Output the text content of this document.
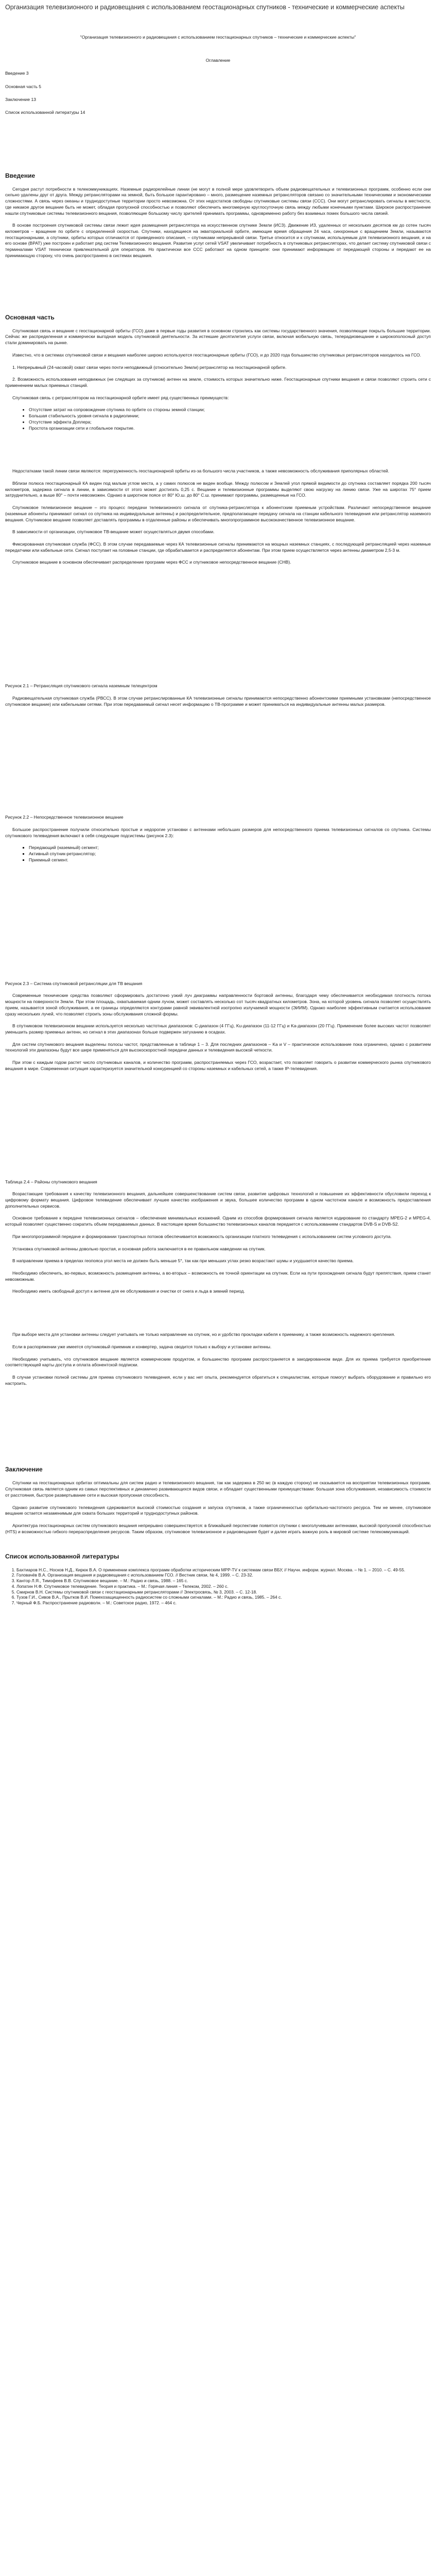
Организация телевизионного и радиовещания с использованием геостационарных спутников - технические и коммерческие аспекты

"Организация телевизионного и радиовещания с использованием геостационарных спутников – технические и коммерческие аспекты"

Оглавление

Введение 3

Основная часть 5

Заключение 13

Список использованной литературы 14

Введение

Сегодня растут потребности в телекоммуникациях. Наземные радиорелейные линии (не могут в полной мере удовлетворить объем радиовещательных и телевизионных программ, особенно если они сильно удалены друг от друга. Между ретрансляторами на земной, быть большое гарантировано – много, размещение наземных ретрансляторов связано со значительными техническими и экономическими сложностями. А связь через океаны и труднодоступные территории просто невозможна. От этих недостатков свободны спутниковые системы связи (ССС). Они могут ретранслировать сигналы в местности, где никакое другое вещание быть не может, обладая пропускной способностью и позволяют обеспечить многомерную круглосуточную связь между любыми конечными пунктами. Широкое распространение нашли спутниковые системы телевизионного вещания, позволяющие большому числу зрителей принимать программы, одновременно работу без взаимных помех большого числа связей.

В основе построения спутниковой системы связи лежит идея размещения ретранслятора на искусственном спутнике Земли (ИСЗ). Движение ИЗ, удаленных от нескольких десятков км до сотен тысяч километров – вращение по орбите с определенной скоростью. Спутники, находящиеся на экваториальной орбите, имеющие время обращения 24 часа, синхронные с вращением Земли, называются геостационарными, а спутники, орбиты которых отличаются от приведенного описания, – спутниками непрерывной связи. Третье относится и к спутникам, используемым для телевизионного вещания, и на его основе (ВРАТ) уже построен и работает ряд систем Телевизионного вещания. Развитие услуг сетей VSAT увеличивает потребность в спутниковых ретрансляторах, что делает систему спутниковой связи с терминалами VSAT технически привлекательной для операторов. Но практически все ССС работают на одном принципе: они принимают информацию от передающей стороны и передают ее на принимающую сторону, что очень распространено в системах вещания.

Основная часть

Спутниковая связь и вещание с геостационарной орбиты (ГСО) даже в первые годы развития в основном строились как системы государственного значения, позволяющие покрыть большие территории. Сейчас же распределенная и коммерчески выгодная модель спутниковой деятельности. За истекшие десятилетия услуги связи, включая мобильную связь, телерадиовещание и широкополосный доступ стали доминировать на рынке.

Известно, что в системах спутниковой связи и вещания наиболее широко используются геостационарные орбиты (ГСО), и до 2020 года большинство спутниковых ретрансляторов находилось на ГСО.

1. Непрерывный (24-часовой) охват связи через почти неподвижный (относительно Земли) ретранслятор на геостационарной орбите.

2. Возможность использования неподвижных (не следящих за спутником) антенн на земле, стоимость которых значительно ниже. Геостационарные спутники вещания и связи позволяют строить сети с применением малых приемных станций.

Спутниковая связь с ретранслятором на геостационарной орбите имеет ряд существенных преимуществ:

• Отсутствие затрат на сопровождение спутника по орбите со стороны земной станции;
• Большая стабильность уровня сигнала в радиолинии;
• Отсутствие эффекта Доплера;
• Простота организации сети и глобальное покрытие.

Недостатками такой линии связи являются: перегруженность геостационарной орбиты из-за большого числа участников, а также невозможность обслуживания приполярных областей.

Вблизи полюса геостационарный КА виден под малым углом места, а у самих полюсов не виден вообще. Между полюсом и Землей угол прямой видимости до спутника составляет порядка 200 тысяч километров, задержка сигнала в линии, в зависимости от этого может достигать 0,25 с. Вещание и телевизионные программы выделяют свою нагрузку на линию связи. Уже на широтах 75° прием затруднительно, а выше 80° – почти невозможен. Однако в широтном поясе от 80° Ю.ш. до 80° С.ш. принимают программы, размещенные на ГСО.

Спутниковое телевизионное вещание – это процесс передачи телевизионного сигнала от спутника-ретранслятора к абонентским приемным устройствам. Различают непосредственное вещание (наземные абоненты принимают сигнал со спутника на индивидуальные антенны) и распределительное, предполагающее передачу сигнала на станции кабельного телевидения или ретранслятор наземного вещания. Спутниковое вещание позволяет доставлять программы в отдаленные районы и обеспечивать многопрограммное высококачественное телевизионное вещание.

В зависимости от организации, спутниковое ТВ-вещание может осуществляться двумя способами.

Фиксированная спутниковая служба (ФСС). В этом случае передаваемые через КА телевизионные сигналы принимаются на мощных наземных станциях, с последующей ретрансляцией через наземные передатчики или кабельные сети. Сигнал поступает на головные станции, где обрабатывается и распределяется абонентам. При этом прием осуществляется через антенны диаметром 2,5-3 м.

Спутниковое вещание в основном обеспечивает распределение программ через ФСС и спутниковое непосредственное вещание (СНВ).

Рисунок 2.1 – Ретрансляция спутникового сигнала наземным телецентром

Радиовещательная спутниковая служба (РВСС). В этом случае ретранслированные КА телевизионные сигналы принимаются непосредственно абонентскими приемными установками (непосредственное спутниковое вещание) или кабельными сетями. При этом передаваемый сигнал несет информацию о ТВ-программе и может приниматься на индивидуальные антенны малых размеров.

Рисунок 2.2 – Непосредственное телевизионное вещание

Большое распространение получили относительно простые и недорогие установки с антеннами небольших размеров для непосредственного приема телевизионных сигналов со спутника. Системы спутникового телевидения включают в себя следующие подсистемы (рисунок 2.3):

▪ Передающий (наземный) сегмент;
▪ Активный спутник-ретранслятор;
▪ Приемный сегмент.

Рисунок 2.3 – Система спутниковой ретрансляции для ТВ вещания

Современные технические средства позволяют сформировать достаточно узкий луч диаграммы направленности бортовой антенны, благодаря чему обеспечивается необходимая плотность потока мощности на поверхности Земли. При этом площадь, охватываемая одним лучом, может составлять несколько сот тысяч квадратных километров. Зона, на которой уровень сигнала позволяет осуществлять прием, называется зоной обслуживания, а ее границы определяются контурами равной эквивалентной изотропно излучаемой мощности (ЭИИМ). Однако наиболее эффективным считается использование сразу нескольких лучей, что позволяет строить зоны обслуживания сложной формы.

В спутниковом телевизионном вещании используется несколько частотных диапазонов: C-диапазон (4 ГГц), Ku-диапазон (11-12 ГГц) и Ka-диапазон (20 ГГц). Применение более высоких частот позволяет уменьшить размер приемных антенн, но сигнал в этих диапазонах больше подвержен затуханию в осадках.

Для систем спутникового вещания выделены полосы частот, представленные в таблице 1 – 3. Для последних диапазонов – Ka и V – практическое использование пока ограничено, однако с развитием технологий эти диапазоны будут все шире применяться для высокоскоростной передачи данных и телевидения высокой четкости.

При этом с каждым годом растет число спутниковых каналов, и количество программ, распространяемых через ГСО, возрастает, что позволяет говорить о развитии коммерческого рынка спутникового вещания в мире. Современная ситуация характеризуется значительной конкуренцией со стороны наземных и кабельных сетей, а также IP-телевидения.

Таблица 2.4 – Районы спутникового вещания

Возрастающие требования к качеству телевизионного вещания, дальнейшее совершенствование систем связи, развитие цифровых технологий и повышение их эффективности обусловили переход к цифровому формату вещания. Цифровое телевидение обеспечивает лучшее качество изображения и звука, большее количество программ в одном частотном канале и возможность предоставления дополнительных сервисов.

Основное требование к передаче телевизионных сигналов – обеспечение минимальных искажений. Одним из способов формирования сигнала является кодирование по стандарту MPEG-2 и MPEG-4, который позволяет существенно сократить объем передаваемых данных. В настоящее время большинство телевизионных каналов передается с использованием стандартов DVB-S и DVB-S2.

При многопрограммной передаче и формировании транспортных потоков обеспечивается возможность организации платного телевидения с использованием систем условного доступа.

Установка спутниковой антенны довольно простая, и основная работа заключается в ее правильном наведении на спутник.

В направлении приема в пределах геопояса угол места не должен быть меньше 5°, так как при меньших углах резко возрастают шумы и ухудшается качество приема.

Необходимо обеспечить, во-первых, возможность размещения антенны, а во-вторых – возможность ее точной ориентации на спутник. Если на пути прохождения сигнала будут препятствия, прием станет невозможным.

Необходимо иметь свободный доступ к антенне для ее обслуживания и очистки от снега и льда в зимний период.

При выборе места для установки антенны следует учитывать не только направление на спутник, но и удобство прокладки кабеля к приемнику, а также возможность надежного крепления.

Если в распоряжении уже имеется спутниковый приемник и конвертер, задача сводится только к выбору и установке антенны.

Необходимо учитывать, что спутниковое вещание является коммерческим продуктом, и большинство программ распространяется в закодированном виде. Для их приема требуется приобретение соответствующей карты доступа и оплата абонентской подписки.

В случае установки полной системы для приема спутникового телевидения, если у вас нет опыта, рекомендуется обратиться к специалистам, которые помогут выбрать оборудование и правильно его настроить.

Заключение

Спутники на геостационарных орбитах оптимальны для систем радио и телевизионного вещания, так как задержка в 250 мс (в каждую сторону) не сказывается на восприятии телевизионных программ. Спутниковая связь является одним из самых перспективных и динамично развивающихся видов связи, и обладает существенными преимуществами: большая зона обслуживания, независимость стоимости от расстояния, быстрое развертывание сети и высокая пропускная способность.

Однако развитие спутникового телевидения сдерживается высокой стоимостью создания и запуска спутников, а также ограниченностью орбитально-частотного ресурса. Тем не менее, спутниковое вещание остается незаменимым для охвата больших территорий и труднодоступных районов.

Архитектура геостационарных систем спутникового вещания непрерывно совершенствуется: в ближайшей перспективе появятся спутники с многолучевыми антеннами, высокой пропускной способностью (HTS) и возможностью гибкого перераспределения ресурсов. Таким образом, спутниковое телевизионное и радиовещание будет и далее играть важную роль в мировой системе телекоммуникаций.

Список использованной литературы
1. Бахтиаров Н.С., Носков Н.Д., Кирюк В.А. О применении комплекса программ обработки историческим МРР-ТV к системам связи ВБУ, // Научн. информ. журнал. Москва. – № 1. – 2010. – С. 49-55.
2. Головачёв В.А. Организация вещания и радиовещания с использованием ГСО. // Вестник связи, № 4, 1999. – С. 23-32.
3. Кантор Л.Я., Тимофеев В.В. Спутниковое вещание. – М.: Радио и связь, 1988. – 165 с.
4. Лопатин Н.Ф. Спутниковое телевидение. Теория и практика. – М.: Горячая линия – Телеком, 2002. – 260 с.
5. Смирнов В.Н. Системы спутниковой связи с геостационарными ретрансляторами // Электросвязь, № 3, 2003. – С. 12-18.
6. Тузов Г.И., Сивов В.А., Прытков В.И. Помехозащищенность радиосистем со сложными сигналами. – М.: Радио и связь, 1985. – 264 с.
7. Черный Ф.Б. Распространение радиоволн. – М.: Советское радио, 1972. – 464 с.
